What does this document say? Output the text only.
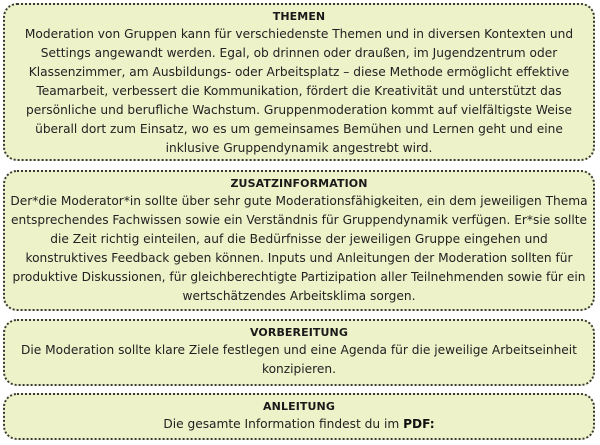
THEMEN
Moderation von Gruppen kann für verschiedenste Themen und in diversen Kontexten und Settings angewandt werden. Egal, ob drinnen oder draußen, im Jugendzentrum oder Klassenzimmer, am Ausbildungs- oder Arbeitsplatz – diese Methode ermöglicht effektive Teamarbeit, verbessert die Kommunikation, fördert die Kreativität und unterstützt das persönliche und berufliche Wachstum. Gruppenmoderation kommt auf vielfältigste Weise überall dort zum Einsatz, wo es um gemeinsames Bemühen und Lernen geht und eine inklusive Gruppendynamik angestrebt wird.
ZUSATZINFORMATION
Der*die Moderator*in sollte über sehr gute Moderationsfähigkeiten, ein dem jeweiligen Thema entsprechendes Fachwissen sowie ein Verständnis für Gruppendynamik verfügen. Er*sie sollte die Zeit richtig einteilen, auf die Bedürfnisse der jeweiligen Gruppe eingehen und konstruktives Feedback geben können. Inputs und Anleitungen der Moderation sollten für produktive Diskussionen, für gleichberechtigte Partizipation aller Teilnehmenden sowie für ein wertschätzendes Arbeitsklima sorgen.
VORBEREITUNG
Die Moderation sollte klare Ziele festlegen und eine Agenda für die jeweilige Arbeitseinheit konzipieren.
ANLEITUNG
Die gesamte Information findest du im PDF:
